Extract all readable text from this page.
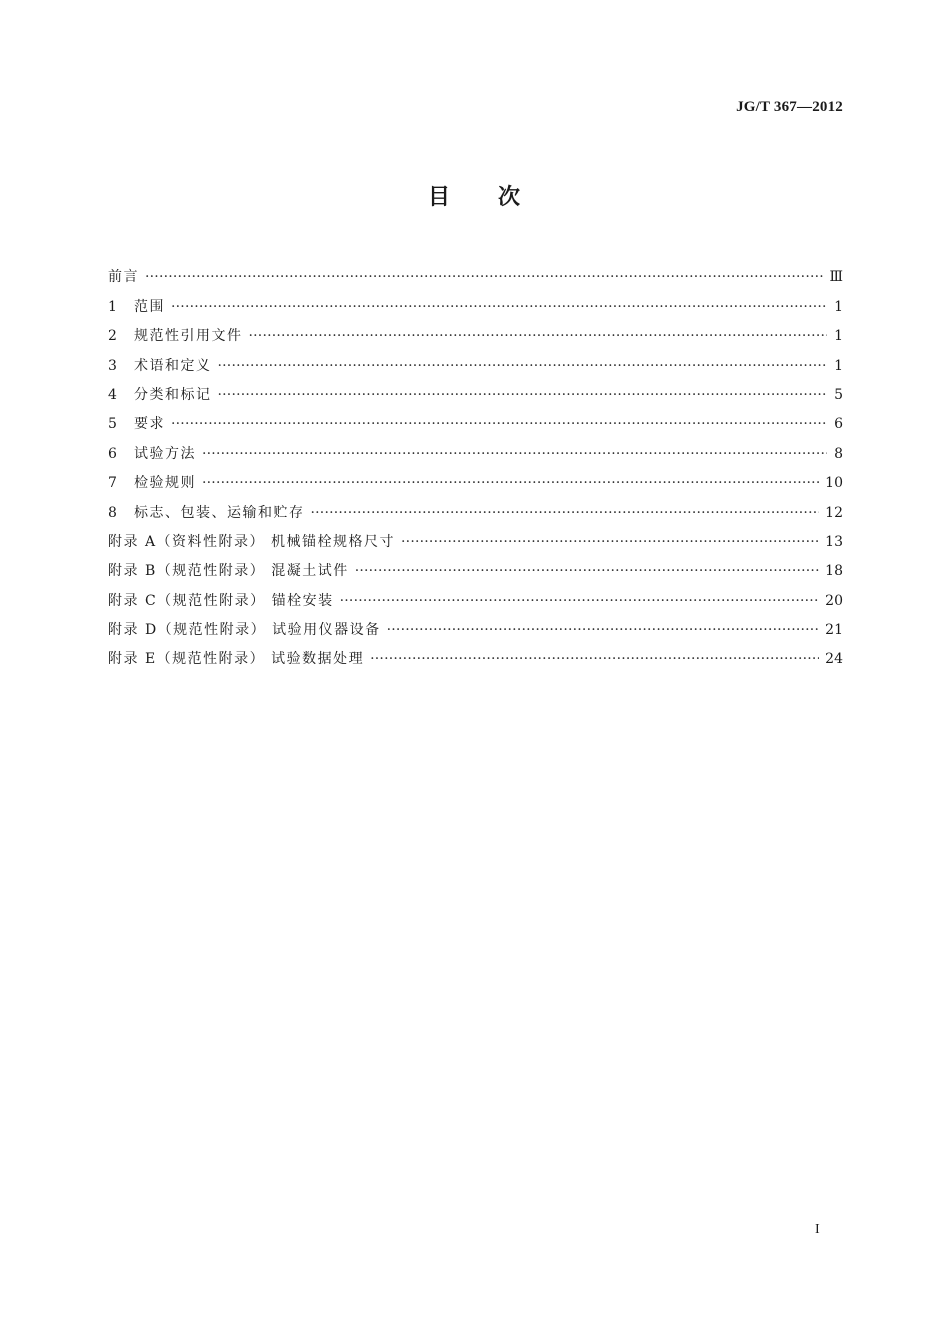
JG/T 367—2012
目 次
前言 ·····	Ⅲ
1 范围 ·····	1
2 规范性引用文件 ·····	1
3 术语和定义 ·····	1
4 分类和标记 ·····	5
5 要求 ·····	6
6 试验方法 ·····	8
7 检验规则 ·····	10
8 标志、包装、运输和贮存 ·····	12
附录 A（资料性附录） 机械锚栓规格尺寸 ·····	13
附录 B（规范性附录） 混凝土试件 ·····	18
附录 C（规范性附录） 锚栓安装 ·····	20
附录 D（规范性附录） 试验用仪器设备 ·····	21
附录 E（规范性附录） 试验数据处理 ·····	24
I
